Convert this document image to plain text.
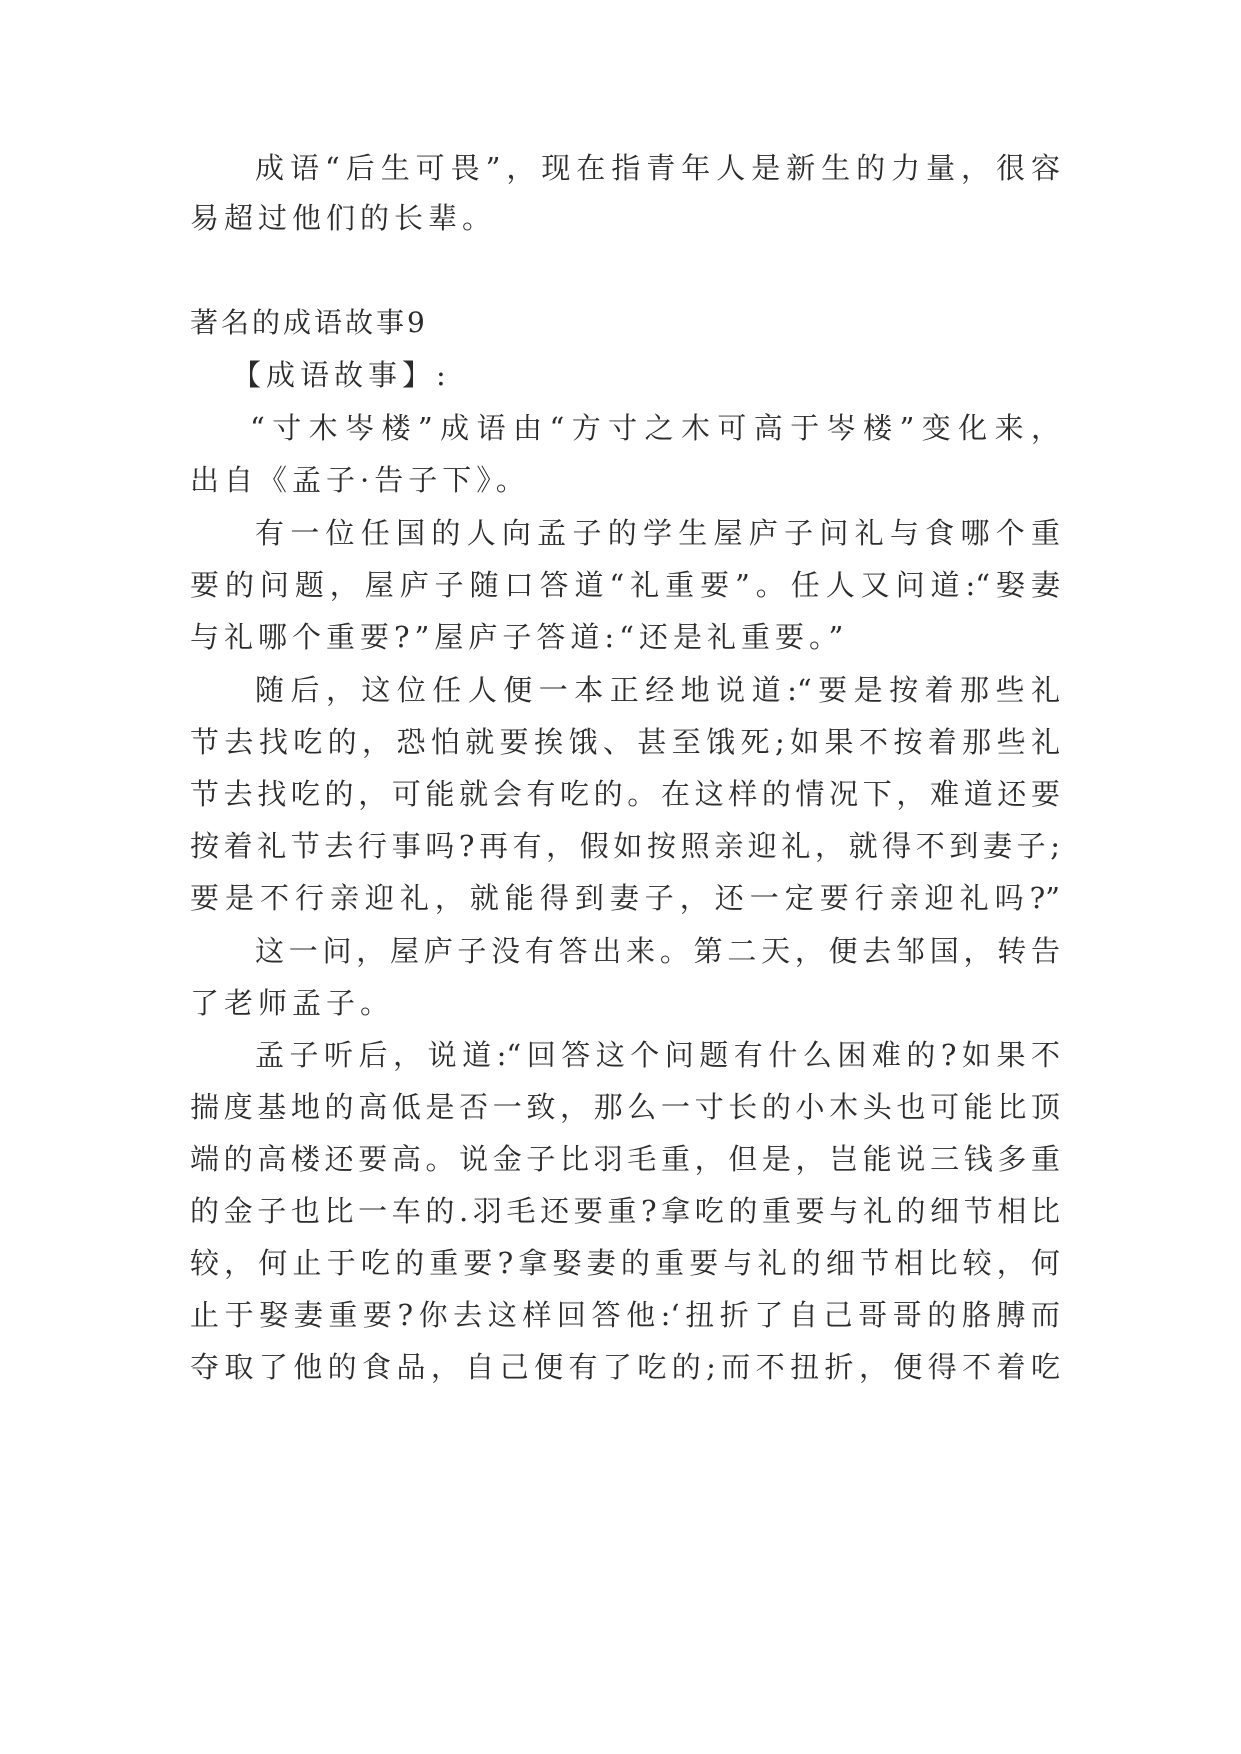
成语“后生可畏”，现在指青年人是新生的力量，很容
易超过他们的长辈。
著名的成语故事9
【成语故事】:
“寸木岑楼”成语由“方寸之木可高于岑楼”变化来，
出自《孟子·告子下》。
有一位任国的人向孟子的学生屋庐子问礼与食哪个重
要的问题，屋庐子随口答道“礼重要”。任人又问道:“娶妻
与礼哪个重要?”屋庐子答道:“还是礼重要。”
随后，这位任人便一本正经地说道:“要是按着那些礼
节去找吃的，恐怕就要挨饿、甚至饿死;如果不按着那些礼
节去找吃的，可能就会有吃的。在这样的情况下，难道还要
按着礼节去行事吗?再有，假如按照亲迎礼，就得不到妻子;
要是不行亲迎礼，就能得到妻子，还一定要行亲迎礼吗?”
这一问，屋庐子没有答出来。第二天，便去邹国，转告
了老师孟子。
孟子听后，说道:“回答这个问题有什么困难的?如果不
揣度基地的高低是否一致，那么一寸长的小木头也可能比顶
端的高楼还要高。说金子比羽毛重，但是，岂能说三钱多重
的金子也比一车的.羽毛还要重?拿吃的重要与礼的细节相比
较，何止于吃的重要?拿娶妻的重要与礼的细节相比较，何
止于娶妻重要?你去这样回答他:‘扭折了自己哥哥的胳膊而
夺取了他的食品，自己便有了吃的;而不扭折，便得不着吃
